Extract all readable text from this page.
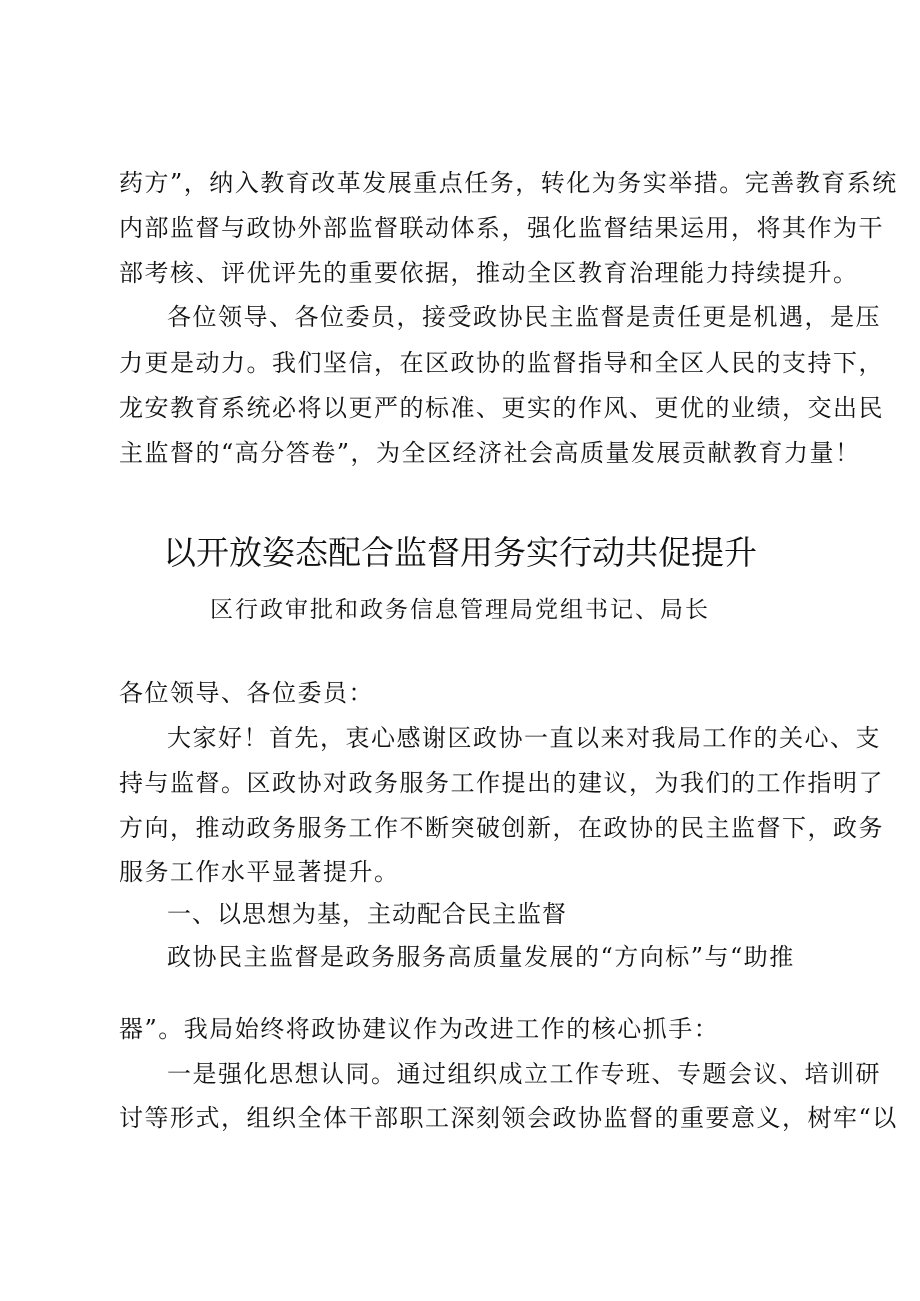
药方”，纳入教育改革发展重点任务，转化为务实举措。完善教育系统
内部监督与政协外部监督联动体系，强化监督结果运用，将其作为干
部考核、评优评先的重要依据，推动全区教育治理能力持续提升。
各位领导、各位委员，接受政协民主监督是责任更是机遇，是压
力更是动力。我们坚信，在区政协的监督指导和全区人民的支持下，
龙安教育系统必将以更严的标准、更实的作风、更优的业绩，交出民
主监督的“高分答卷”，为全区经济社会高质量发展贡献教育力量！
以开放姿态配合监督用务实行动共促提升
区行政审批和政务信息管理局党组书记、局长
各位领导、各位委员：
大家好！首先，衷心感谢区政协一直以来对我局工作的关心、支
持与监督。区政协对政务服务工作提出的建议，为我们的工作指明了
方向，推动政务服务工作不断突破创新，在政协的民主监督下，政务
服务工作水平显著提升。
一、以思想为基，主动配合民主监督
政协民主监督是政务服务高质量发展的“方向标”与“助推
器”。我局始终将政协建议作为改进工作的核心抓手：
一是强化思想认同。通过组织成立工作专班、专题会议、培训研
讨等形式，组织全体干部职工深刻领会政协监督的重要意义，树牢“以
